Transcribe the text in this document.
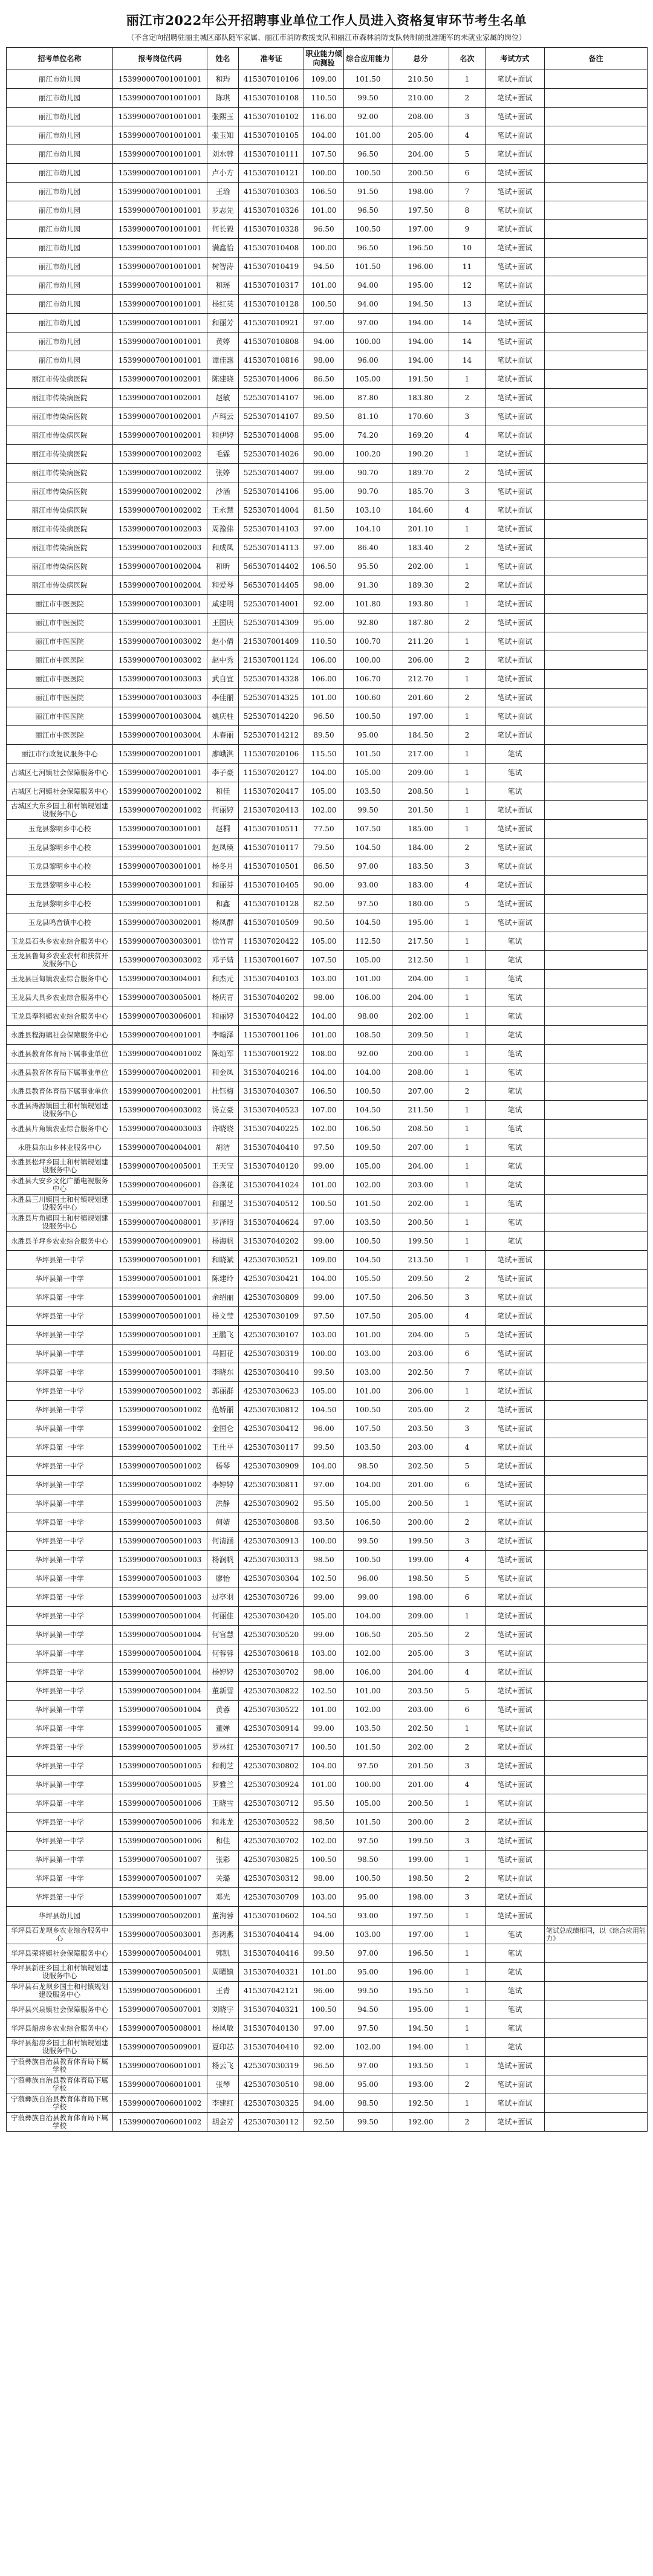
丽江市2022年公开招聘事业单位工作人员进入资格复审环节考生名单
（不含定向招聘驻丽主城区部队随军家属、丽江市消防救援支队和丽江市森林消防支队转制前批准随军的未就业家属的岗位）
招考单位名称	报考岗位代码	姓名	准考证	职业能力倾向测验	综合应用能力	总分	名次	考试方式	备注
丽江市幼儿园	153990007001001001	和玙	415307010106	109.00	101.50	210.50	1	笔试+面试	
丽江市幼儿园	153990007001001001	陈琪	415307010108	110.50	99.50	210.00	2	笔试+面试	
丽江市幼儿园	153990007001001001	张熙玉	415307010102	116.00	92.00	208.00	3	笔试+面试	
丽江市幼儿园	153990007001001001	张玉知	415307010105	104.00	101.00	205.00	4	笔试+面试	
丽江市幼儿园	153990007001001001	刘水蓉	415307010111	107.50	96.50	204.00	5	笔试+面试	
丽江市幼儿园	153990007001001001	卢小方	415307010121	100.00	100.50	200.50	6	笔试+面试	
丽江市幼儿园	153990007001001001	王瑜	415307010303	106.50	91.50	198.00	7	笔试+面试	
丽江市幼儿园	153990007001001001	罗志先	415307010326	101.00	96.50	197.50	8	笔试+面试	
丽江市幼儿园	153990007001001001	何长毅	415307010328	96.50	100.50	197.00	9	笔试+面试	
丽江市幼儿园	153990007001001001	满鑫怡	415307010408	100.00	96.50	196.50	10	笔试+面试	
丽江市幼儿园	153990007001001001	树智涛	415307010419	94.50	101.50	196.00	11	笔试+面试	
丽江市幼儿园	153990007001001001	和瑶	415307010317	101.00	94.00	195.00	12	笔试+面试	
丽江市幼儿园	153990007001001001	杨红英	415307010128	100.50	94.00	194.50	13	笔试+面试	
丽江市幼儿园	153990007001001001	和丽芳	415307010921	97.00	97.00	194.00	14	笔试+面试	
丽江市幼儿园	153990007001001001	黄婷	415307010808	94.00	100.00	194.00	14	笔试+面试	
丽江市幼儿园	153990007001001001	谭佳惠	415307010816	98.00	96.00	194.00	14	笔试+面试	
丽江市传染病医院	153990007001002001	陈建晓	525307014006	86.50	105.00	191.50	1	笔试+面试	
丽江市传染病医院	153990007001002001	赵敏	525307014107	96.00	87.80	183.80	2	笔试+面试	
丽江市传染病医院	153990007001002001	卢玛云	525307014107	89.50	81.10	170.60	3	笔试+面试	
丽江市传染病医院	153990007001002001	和伊婷	525307014008	95.00	74.20	169.20	4	笔试+面试	
丽江市传染病医院	153990007001002002	毛霖	525307014026	90.00	100.20	190.20	1	笔试+面试	
丽江市传染病医院	153990007001002002	张婷	525307014007	99.00	90.70	189.70	2	笔试+面试	
丽江市传染病医院	153990007001002002	沙涵	525307014106	95.00	90.70	185.70	3	笔试+面试	
丽江市传染病医院	153990007001002002	王永慧	525307014004	81.50	103.10	184.60	4	笔试+面试	
丽江市传染病医院	153990007001002003	周豫伟	525307014103	97.00	104.10	201.10	1	笔试+面试	
丽江市传染病医院	153990007001002003	和成凤	525307014113	97.00	86.40	183.40	2	笔试+面试	
丽江市传染病医院	153990007001002004	和昕	565307014402	106.50	95.50	202.00	1	笔试+面试	
丽江市传染病医院	153990007001002004	和爱琴	565307014405	98.00	91.30	189.30	2	笔试+面试	
丽江市中医医院	153990007001003001	咸建明	525307014001	92.00	101.80	193.80	1	笔试+面试	
丽江市中医医院	153990007001003001	王国庆	525307014309	95.00	92.80	187.80	2	笔试+面试	
丽江市中医医院	153990007001003002	赵小倩	215307001409	110.50	100.70	211.20	1	笔试+面试	
丽江市中医医院	153990007001003002	赵中秀	215307001124	106.00	100.00	206.00	2	笔试+面试	
丽江市中医医院	153990007001003003	武自宜	525307014328	106.00	106.70	212.70	1	笔试+面试	
丽江市中医医院	153990007001003003	李佳丽	525307014325	101.00	100.60	201.60	2	笔试+面试	
丽江市中医医院	153990007001003004	姚庆柱	525307014220	96.50	100.50	197.00	1	笔试+面试	
丽江市中医医院	153990007001003004	木春丽	525307014212	89.50	95.00	184.50	2	笔试+面试	
丽江市行政复议服务中心	153990007002001001	廖峨淇	115307020106	115.50	101.50	217.00	1	笔试	
古城区七河镇社会保障服务中心	153990007002001001	李子豪	115307020127	104.00	105.00	209.00	1	笔试	
古城区七河镇社会保障服务中心	153990007002001002	和佳	115307020417	105.00	103.50	208.50	1	笔试	
古城区大东乡国土和村镇规划建设服务中心	153990007002001002	何丽婷	215307020413	102.00	99.50	201.50	1	笔试+面试	
玉龙县黎明乡中心校	153990007003001001	赵桐	415307010511	77.50	107.50	185.00	1	笔试+面试	
玉龙县黎明乡中心校	153990007003001001	赵凤瑛	415307010117	79.50	104.50	184.00	2	笔试+面试	
玉龙县黎明乡中心校	153990007003001001	杨冬月	415307010501	86.50	97.00	183.50	3	笔试+面试	
玉龙县黎明乡中心校	153990007003001001	和丽芬	415307010405	90.00	93.00	183.00	4	笔试+面试	
玉龙县黎明乡中心校	153990007003001001	和鑫	415307010128	82.50	97.50	180.00	5	笔试+面试	
玉龙县鸣音镇中心校	153990007003002001	杨凤群	415307010509	90.50	104.50	195.00	1	笔试+面试	
玉龙县石头乡农业综合服务中心	153990007003003001	徐竹青	115307020422	105.00	112.50	217.50	1	笔试	
玉龙县鲁甸乡农业农村和扶贫开发服务中心	153990007003003002	邓子婧	115307001607	107.50	105.00	212.50	1	笔试	
玉龙县巨甸镇农业综合服务中心	153990007003004001	和杰元	315307040103	103.00	101.00	204.00	1	笔试	
玉龙县大具乡农业综合服务中心	153990007003005001	杨庆青	315307040202	98.00	106.00	204.00	1	笔试	
玉龙县奉科镇农业综合服务中心	153990007003006001	和丽婷	315307040422	104.00	98.00	202.00	1	笔试	
永胜县程海镇社会保障服务中心	153990007004001001	李翰泽	115307001106	101.00	108.50	209.50	1	笔试	
永胜县教育体育局下属事业单位	153990007004001002	陈灿军	115307001922	108.00	92.00	200.00	1	笔试	
永胜县教育体育局下属事业单位	153990007004002001	和金凤	315307040216	104.00	104.00	208.00	1	笔试	
永胜县教育体育局下属事业单位	153990007004002001	杜钰梅	315307040307	106.50	100.50	207.00	2	笔试	
永胜县涛源镇国土和村镇规划建设服务中心	153990007004003002	汤立豪	315307040523	107.00	104.50	211.50	1	笔试	
永胜县片角镇农业综合服务中心	153990007004003003	许晓晓	315307040225	102.00	106.50	208.50	1	笔试	
永胜县东山乡林业服务中心	153990007004004001	胡洁	315307040410	97.50	109.50	207.00	1	笔试	
永胜县松坪乡国土和村镇规划建设服务中心	153990007004005001	王天宝	315307040120	99.00	105.00	204.00	1	笔试	
永胜县大安乡文化广播电视服务中心	153990007004006001	谷燕花	315307041024	101.00	102.00	203.00	1	笔试	
永胜县三川镇国土和村镇规划建设服务中心	153990007004007001	和丽芝	315307040512	100.50	101.50	202.00	1	笔试	
永胜县片角镇国土和村镇规划建设服务中心	153990007004008001	罗泽昭	315307040624	97.00	103.50	200.50	1	笔试	
永胜县羊坪乡农业综合服务中心	153990007004009001	杨海帆	315307040202	99.00	100.50	199.50	1	笔试	
华坪县第一中学	153990007005001001	和晓斌	425307030521	109.00	104.50	213.50	1	笔试+面试	
华坪县第一中学	153990007005001001	陈建玲	425307030421	104.00	105.50	209.50	2	笔试+面试	
华坪县第一中学	153990007005001001	余绍丽	425307030809	99.00	107.50	206.50	3	笔试+面试	
华坪县第一中学	153990007005001001	杨文莹	425307030109	97.50	107.50	205.00	4	笔试+面试	
华坪县第一中学	153990007005001001	王鹏飞	425307030107	103.00	101.00	204.00	5	笔试+面试	
华坪县第一中学	153990007005001001	马圆花	425307030319	100.00	103.00	203.00	6	笔试+面试	
华坪县第一中学	153990007005001001	李晓东	425307030410	99.50	103.00	202.50	7	笔试+面试	
华坪县第一中学	153990007005001002	郭丽群	425307030623	105.00	101.00	206.00	1	笔试+面试	
华坪县第一中学	153990007005001002	范娇丽	425307030812	104.50	100.50	205.00	2	笔试+面试	
华坪县第一中学	153990007005001002	金国仑	425307030412	96.00	107.50	203.50	3	笔试+面试	
华坪县第一中学	153990007005001002	王仕平	425307030117	99.50	103.50	203.00	4	笔试+面试	
华坪县第一中学	153990007005001002	杨琴	425307030909	104.00	98.50	202.50	5	笔试+面试	
华坪县第一中学	153990007005001002	李婷婷	425307030811	97.00	104.00	201.00	6	笔试+面试	
华坪县第一中学	153990007005001003	洪静	425307030902	95.50	105.00	200.50	1	笔试+面试	
华坪县第一中学	153990007005001003	何婧	425307030808	93.50	106.50	200.00	2	笔试+面试	
华坪县第一中学	153990007005001003	何清涵	425307030913	100.00	99.50	199.50	3	笔试+面试	
华坪县第一中学	153990007005001003	杨润帆	425307030313	98.50	100.50	199.00	4	笔试+面试	
华坪县第一中学	153990007005001003	廖怡	425307030304	102.50	96.00	198.50	5	笔试+面试	
华坪县第一中学	153990007005001003	过亭羽	425307030726	99.00	99.00	198.00	6	笔试+面试	
华坪县第一中学	153990007005001004	何丽佳	425307030420	105.00	104.00	209.00	1	笔试+面试	
华坪县第一中学	153990007005001004	何官慧	425307030520	99.00	106.50	205.50	2	笔试+面试	
华坪县第一中学	153990007005001004	何蓉蓉	425307030618	103.00	102.00	205.00	3	笔试+面试	
华坪县第一中学	153990007005001004	杨婷婷	425307030702	98.00	106.00	204.00	4	笔试+面试	
华坪县第一中学	153990007005001004	董新雪	425307030822	102.50	101.00	203.50	5	笔试+面试	
华坪县第一中学	153990007005001004	黄蓉	425307030522	101.00	102.00	203.00	6	笔试+面试	
华坪县第一中学	153990007005001005	董婵	425307030914	99.00	103.50	202.50	1	笔试+面试	
华坪县第一中学	153990007005001005	罗林红	425307030717	100.50	101.50	202.00	2	笔试+面试	
华坪县第一中学	153990007005001005	和莉芝	425307030802	104.00	97.50	201.50	3	笔试+面试	
华坪县第一中学	153990007005001005	罗雅兰	425307030924	101.00	100.00	201.00	4	笔试+面试	
华坪县第一中学	153990007005001006	王晓雪	425307030712	95.50	105.00	200.50	1	笔试+面试	
华坪县第一中学	153990007005001006	和兆龙	425307030522	98.50	101.50	200.00	2	笔试+面试	
华坪县第一中学	153990007005001006	和佳	425307030702	102.00	97.50	199.50	3	笔试+面试	
华坪县第一中学	153990007005001007	张彩	425307030825	100.50	98.50	199.00	1	笔试+面试	
华坪县第一中学	153990007005001007	关璐	425307030312	98.00	100.50	198.50	2	笔试+面试	
华坪县第一中学	153990007005001007	邓光	425307030709	103.00	95.00	198.00	3	笔试+面试	
华坪县幼儿园	153990007005002001	董洵蓉	415307010602	104.50	93.00	197.50	1	笔试+面试	
华坪县石龙坝乡农业综合服务中心	153990007005003001	彭鸿燕	315307040414	94.00	103.00	197.00	1	笔试	笔试总成绩相同，以《综合应用能力》
华坪县荣将镇社会保障服务中心	153990007005004001	郭凯	315307040416	99.50	97.00	196.50	1	笔试	
华坪县新庄乡国土和村镇规划建设服务中心	153990007005005001	周曜镇	315307040321	101.00	95.00	196.00	1	笔试	
华坪县石龙坝乡国土和村镇规划建设服务中心	153990007005006001	王青	415307042121	96.00	99.50	195.50	1	笔试	
华坪县兴泉镇社会保障服务中心	153990007005007001	刘晓宇	315307040321	100.50	94.50	195.00	1	笔试	
华坪县船房乡农业综合服务中心	153990007005008001	杨凤敏	315307040130	97.00	97.50	194.50	1	笔试	
华坪县船房乡国土和村镇规划建设服务中心	153990007005009001	夏印芯	315307040410	92.00	102.00	194.00	1	笔试	
宁蒗彝族自治县教育体育局下属学校	153990007006001001	杨云飞	425307030319	96.50	97.00	193.50	1	笔试+面试	
宁蒗彝族自治县教育体育局下属学校	153990007006001001	张琴	425307030510	98.00	95.00	193.00	2	笔试+面试	
宁蒗彝族自治县教育体育局下属学校	153990007006001002	李建红	425307030325	94.00	98.50	192.50	1	笔试+面试	
宁蒗彝族自治县教育体育局下属学校	153990007006001002	胡金芳	425307030112	92.50	99.50	192.00	2	笔试+面试	
